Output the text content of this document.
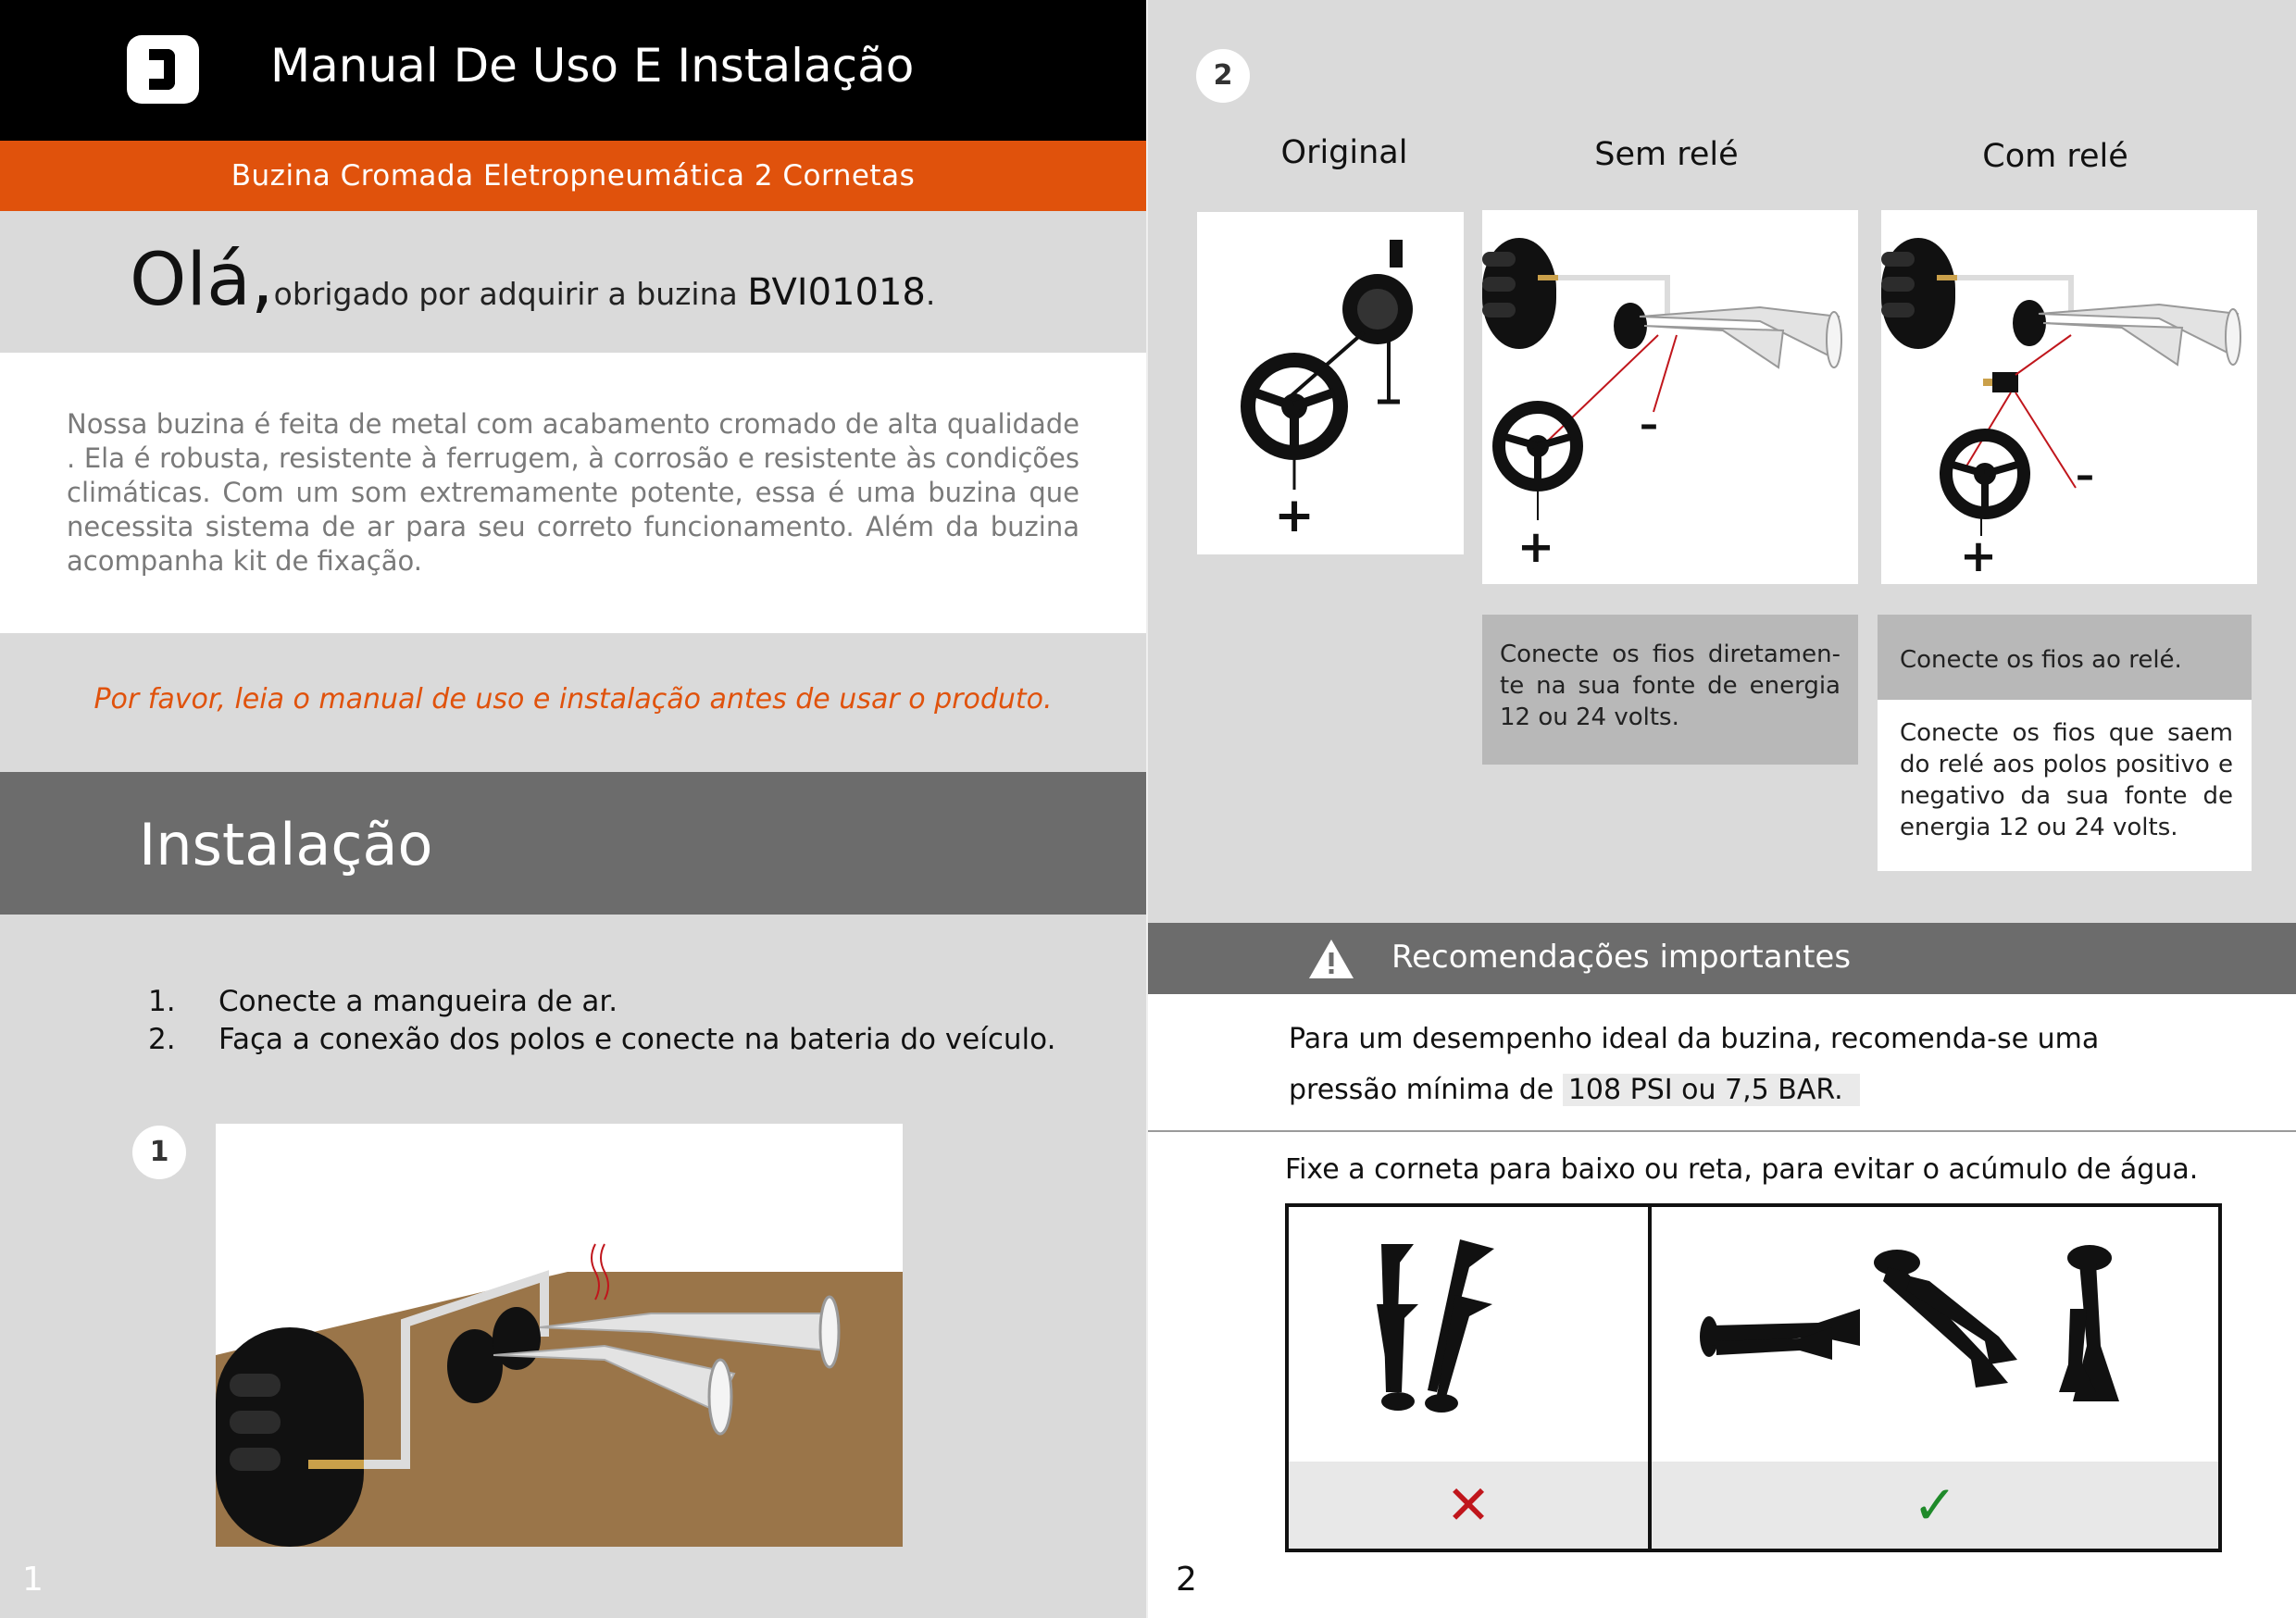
Manual De Uso E Instalação
Buzina Cromada Eletropneumática 2 Cornetas
Olá,obrigado por adquirir a buzina BVI01018.

Nossa buzina é feita de metal com acabamento cromado de alta qualidade . Ela é robusta, resistente à ferrugem, à corrosão e resistente às condições climáticas. Com um som extremamente potente, essa é uma buzina que necessita sistema de ar para seu correto funcionamento. Além da buzina acompanha kit de fixação.

Por favor, leia o manual de uso e instalação antes de usar o produto.
Instalação
1.	Conecte a mangueira de ar.
2.	Faça a conexão dos polos e conecte na bateria do veículo.
1
1
2
Original	Sem relé	Com relé
+
+
–
+
–

Conecte os fios diretamen-te na sua fonte de energia 12 ou 24 volts.

Conecte os fios ao relé.

Conecte os fios que saem do relé aos polos positivo e negativo da sua fonte de energia 12 ou 24 volts.

Recomendações importantes

Para um desempenho ideal da buzina, recomenda-se uma pressão mínima de 108 PSI ou 7,5 BAR.

Fixe a corneta para baixo ou reta, para evitar o acúmulo de água.
✕	✓
2
